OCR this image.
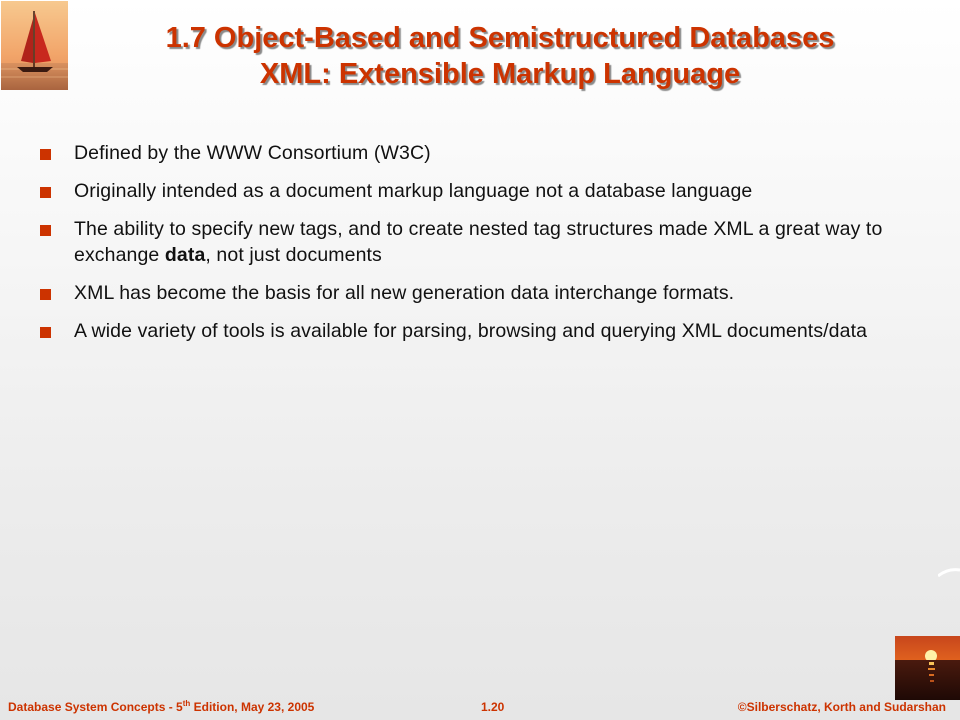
1.7 Object-Based and Semistructured Databases
XML: Extensible Markup Language
Defined by the WWW Consortium (W3C)
Originally intended as a document markup language not a database language
The ability to specify new tags, and to create nested tag structures made XML a great way to exchange data, not just documents
XML has become the basis for all new generation data interchange formats.
A wide variety of tools is available for parsing, browsing and querying XML documents/data
Database System Concepts - 5th Edition, May 23, 2005	1.20	©Silberschatz, Korth and Sudarshan
